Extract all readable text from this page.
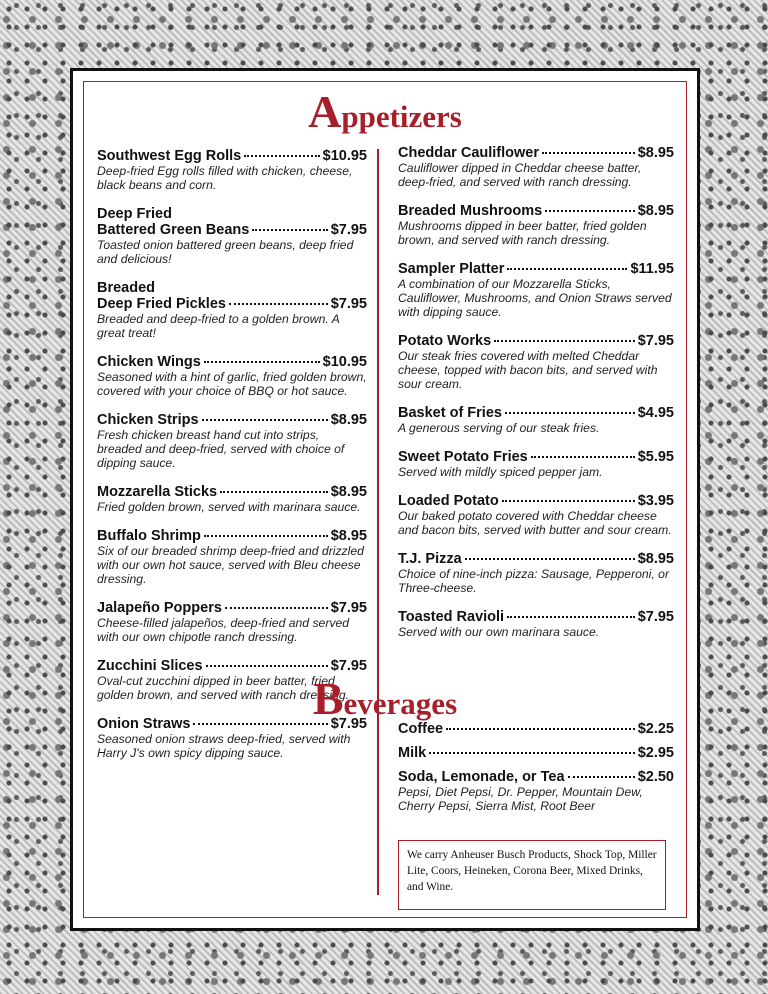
Appetizers
Southwest Egg Rolls	$10.95
Deep-fried Egg rolls filled with chicken, cheese, black beans and corn.
Deep Fried
Battered Green Beans	$7.95
Toasted onion battered green beans, deep fried and delicious!
Breaded
Deep Fried Pickles	$7.95
Breaded and deep-fried to a golden brown. A great treat!
Chicken Wings	$10.95
Seasoned with a hint of garlic, fried golden brown, covered with your choice of BBQ or hot sauce.
Chicken Strips	$8.95
Fresh chicken breast hand cut into strips, breaded and deep-fried, served with choice of dipping sauce.
Mozzarella Sticks	$8.95
Fried golden brown, served with marinara sauce.
Buffalo Shrimp	$8.95
Six of our breaded shrimp deep-fried and drizzled with our own hot sauce, served with Bleu cheese dressing.
Jalapeño Poppers	$7.95
Cheese-filled jalapeños, deep-fried and served with our own chipotle ranch dressing.
Zucchini Slices	$7.95
Oval-cut zucchini dipped in beer batter, fried golden brown, and served with ranch dressing.
Onion Straws	$7.95
Seasoned onion straws deep-fried, served with Harry J's own spicy dipping sauce.
Cheddar Cauliflower	$8.95
Cauliflower dipped in Cheddar cheese batter, deep-fried, and served with ranch dressing.
Breaded Mushrooms	$8.95
Mushrooms dipped in beer batter, fried golden brown, and served with ranch dressing.
Sampler Platter	$11.95
A combination of our Mozzarella Sticks, Cauliflower, Mushrooms, and Onion Straws served with dipping sauce.
Potato Works	$7.95
Our steak fries covered with melted Cheddar cheese, topped with bacon bits, and served with sour cream.
Basket of Fries	$4.95
A generous serving of our steak fries.
Sweet Potato Fries	$5.95
Served with mildly spiced pepper jam.
Loaded Potato	$3.95
Our baked potato covered with Cheddar cheese and bacon bits, served with butter and sour cream.
T.J. Pizza	$8.95
Choice of nine-inch pizza: Sausage, Pepperoni, or Three-cheese.
Toasted Ravioli	$7.95
Served with our own marinara sauce.
Beverages
Coffee	$2.25
Milk	$2.95
Soda, Lemonade, or Tea	$2.50
Pepsi, Diet Pepsi, Dr. Pepper, Mountain Dew, Cherry Pepsi, Sierra Mist, Root Beer
We carry Anheuser Busch Products, Shock Top, Miller Lite, Coors, Heineken, Corona Beer, Mixed Drinks, and Wine.	menupix
